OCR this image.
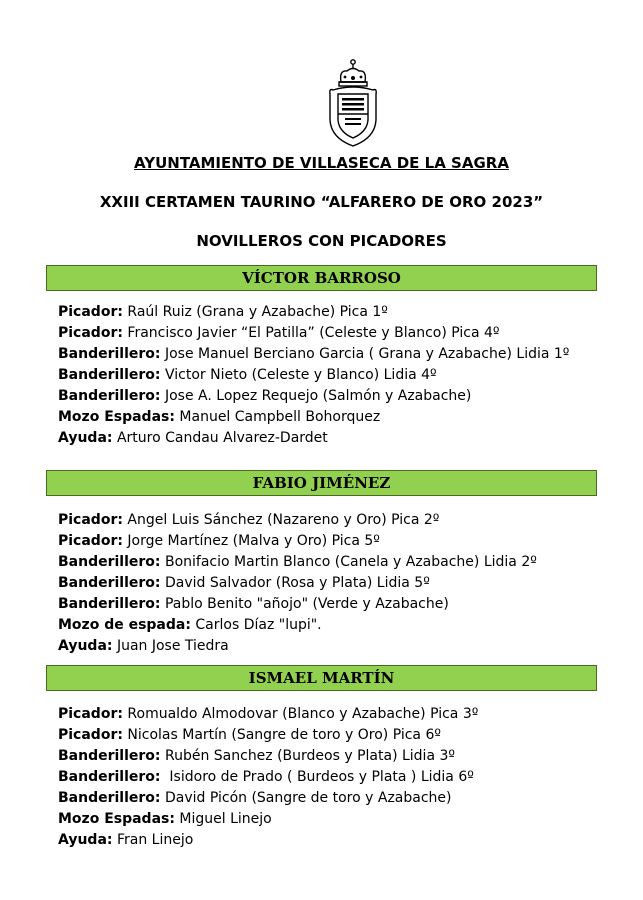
AYUNTAMIENTO DE VILLASECA DE LA SAGRA
XXIII CERTAMEN TAURINO “ALFARERO DE ORO 2023”
NOVILLEROS CON PICADORES
VÍCTOR BARROSO
Picador: Raúl Ruiz (Grana y Azabache) Pica 1º
Picador: Francisco Javier “El Patilla” (Celeste y Blanco) Pica 4º
Banderillero: Jose Manuel Berciano Garcia ( Grana y Azabache) Lidia 1º
Banderillero: Victor Nieto (Celeste y Blanco) Lidia 4º
Banderillero: Jose A. Lopez Requejo (Salmón y Azabache)
Mozo Espadas: Manuel Campbell Bohorquez
Ayuda: Arturo Candau Alvarez-Dardet
FABIO JIMÉNEZ
Picador: Angel Luis Sánchez (Nazareno y Oro) Pica 2º
Picador: Jorge Martínez (Malva y Oro) Pica 5º
Banderillero: Bonifacio Martin Blanco (Canela y Azabache) Lidia 2º
Banderillero: David Salvador (Rosa y Plata) Lidia 5º
Banderillero: Pablo Benito "añojo" (Verde y Azabache)
Mozo de espada: Carlos Díaz "lupi".
Ayuda: Juan Jose Tiedra
ISMAEL MARTÍN
Picador: Romualdo Almodovar (Blanco y Azabache) Pica 3º
Picador: Nicolas Martín (Sangre de toro y Oro) Pica 6º
Banderillero: Rubén Sanchez (Burdeos y Plata) Lidia 3º
Banderillero:  Isidoro de Prado ( Burdeos y Plata ) Lidia 6º
Banderillero: David Picón (Sangre de toro y Azabache)
Mozo Espadas: Miguel Linejo
Ayuda: Fran Linejo
